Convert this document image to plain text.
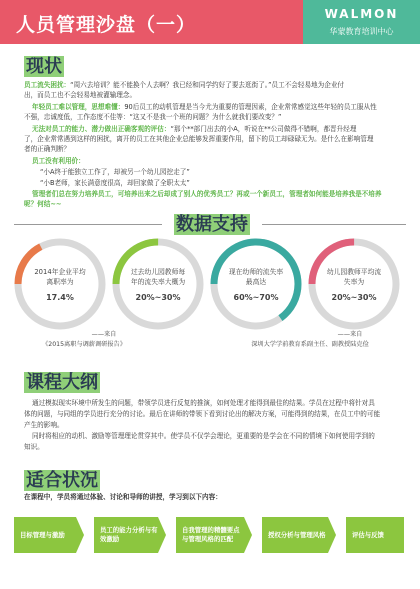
人员管理沙盘（一）	WALMON
华蒙教育培训中心
现状
员工流失困扰：“周六去培训？能不能换个人去啊？我已经和同学约好了要去逛街了。”员工不会轻易地为企业付
出，而员工也不会轻易地被灌输理念。
年轻员工难以管理，思想难懂：90后员工的动机管理是当今尤为重要的管理因素，企业常常感觉这些年轻的员工服从性
不强，忠诚度低，工作态度不佳等：“这又不是我一个班的问题？为什么就我们要改变？”
无法对员工的能力、潜力做出正确客观的评估：“那个**部门出去的小A，听说在**公司做得不错啊，都晋升经理
了，企业常常遇到这样的困扰，离开的员工在其他企业总能够发挥重要作用，留下的员工却碌碌无为。是什么在影响管理
者的正确判断？
员工没有利用价：
“小A终于能独立工作了，却被另一个幼儿园挖走了”
“小B老师，家长满意度很高，却回家做了全职太太”
管理者们总在努力培养员工，可培养出来之后却成了别人的优秀员工？再或一个新员工，管理者如何能是培养我是不培养
呢？何结~~
数据支持
2014年企业平均
离职率为
17.4%
过去幼儿园教师每
年的流失率大概为
20%~30%
现在幼师的流失率
最高达
60%~70%
幼儿园教师平均流
失率为
20%~30%
——来自
《2015离职与调薪调研报告》
——来自
深圳大学学前教育系副主任、副教授陆克俭
课程大纲
通过模拟现实环境中所发生的问题，带领学员进行反复的推演，如何处理才能得到最佳的结果。学员在过程中将针对具
体的问题，与同组的学员进行充分的讨论。最后在讲师的带领下看到讨论出的解决方案，可能得到的结果，在员工中的可能
产生的影响。
同时将相应的动机、激励等管理理论贯穿其中。使学员不仅学会理论，更重要的是学会在不同的情境下如何使用学到的
知识。
适合状况
在课程中，学员将通过体验、讨论和导师的讲授，学习到以下内容：
目标管理与激励
员工的能力分析与有效激励
自我管理的精髓要点与管理风格的匹配
授权分析与管理风格	评估与反馈
